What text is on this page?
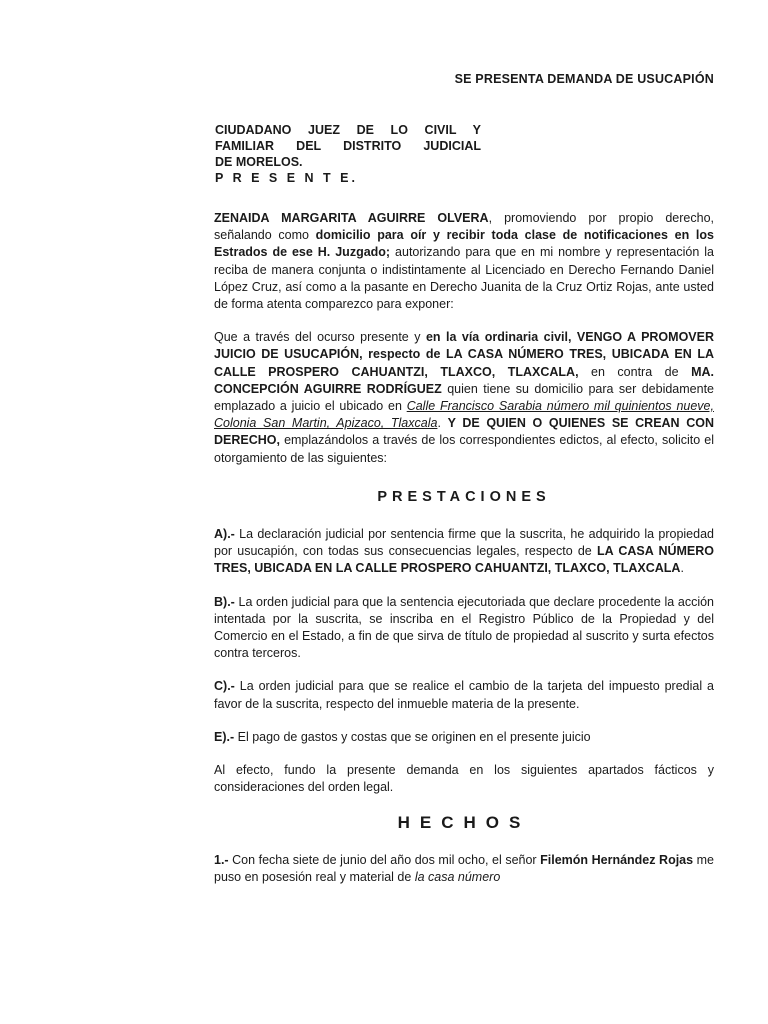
SE PRESENTA DEMANDA DE USUCAPIÓN
CIUDADANO JUEZ DE LO CIVIL Y
FAMILIAR DEL DISTRITO JUDICIAL
DE MORELOS.
P R E S E N T E.

ZENAIDA MARGARITA AGUIRRE OLVERA, promoviendo por propio derecho, señalando como domicilio para oír y recibir toda clase de notificaciones en los Estrados de ese H. Juzgado; autorizando para que en mi nombre y representación la reciba de manera conjunta o indistintamente al Licenciado en Derecho Fernando Daniel López Cruz, así como a la pasante en Derecho Juanita de la Cruz Ortiz Rojas, ante usted de forma atenta comparezco para exponer:

Que a través del ocurso presente y en la vía ordinaria civil, VENGO A PROMOVER JUICIO DE USUCAPIÓN, respecto de LA CASA NÚMERO TRES, UBICADA EN LA CALLE PROSPERO CAHUANTZI, TLAXCO, TLAXCALA, en contra de MA. CONCEPCIÓN AGUIRRE RODRÍGUEZ quien tiene su domicilio para ser debidamente emplazado a juicio el ubicado en Calle Francisco Sarabia número mil quinientos nueve, Colonia San Martin, Apizaco, Tlaxcala. Y DE QUIEN O QUIENES SE CREAN CON DERECHO, emplazándolos a través de los correspondientes edictos, al efecto, solicito el otorgamiento de las siguientes:

PRESTACIONES

A).- La declaración judicial por sentencia firme que la suscrita, he adquirido la propiedad por usucapión, con todas sus consecuencias legales, respecto de LA CASA NÚMERO TRES, UBICADA EN LA CALLE PROSPERO CAHUANTZI, TLAXCO, TLAXCALA.

B).- La orden judicial para que la sentencia ejecutoriada que declare procedente la acción intentada por la suscrita, se inscriba en el Registro Público de la Propiedad y del Comercio en el Estado, a fin de que sirva de título de propiedad al suscrito y surta efectos contra terceros.

C).- La orden judicial para que se realice el cambio de la tarjeta del impuesto predial a favor de la suscrita, respecto del inmueble materia de la presente.

E).- El pago de gastos y costas que se originen en el presente juicio

Al efecto, fundo la presente demanda en los siguientes apartados fácticos y consideraciones del orden legal.

HECHOS

1.- Con fecha siete de junio del año dos mil ocho, el señor Filemón Hernández Rojas me puso en posesión real y material de la casa número
